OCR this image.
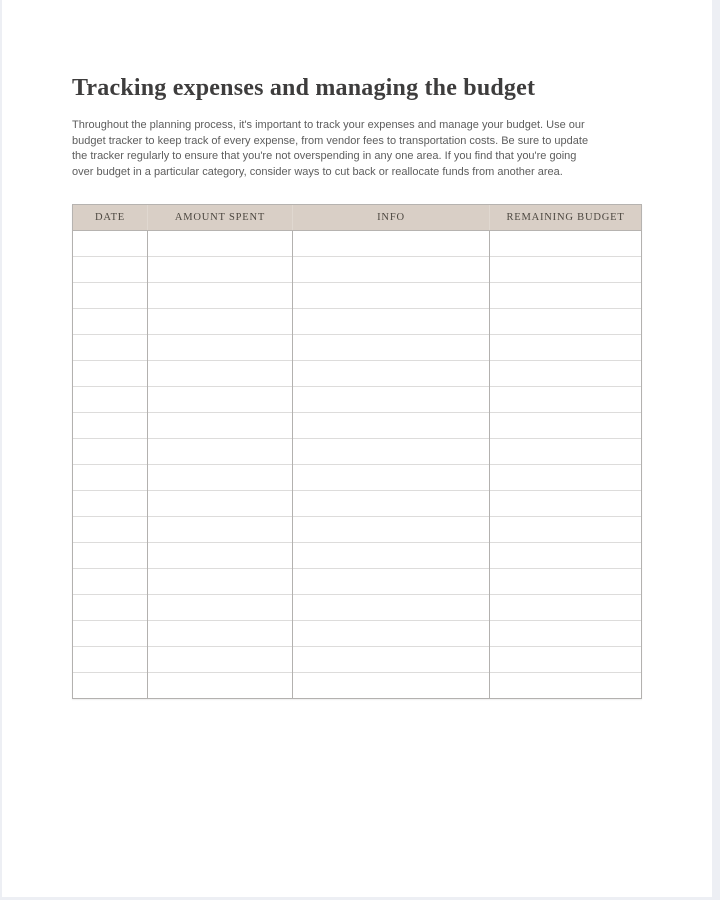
Tracking expenses and managing the budget
Throughout the planning process, it's important to track your expenses and manage your budget. Use our
budget tracker to keep track of every expense, from vendor fees to transportation costs. Be sure to update
the tracker regularly to ensure that you're not overspending in any one area. If you find that you're going
over budget in a particular category, consider ways to cut back or reallocate funds from another area.
DATE	AMOUNT SPENT	INFO	REMAINING BUDGET
